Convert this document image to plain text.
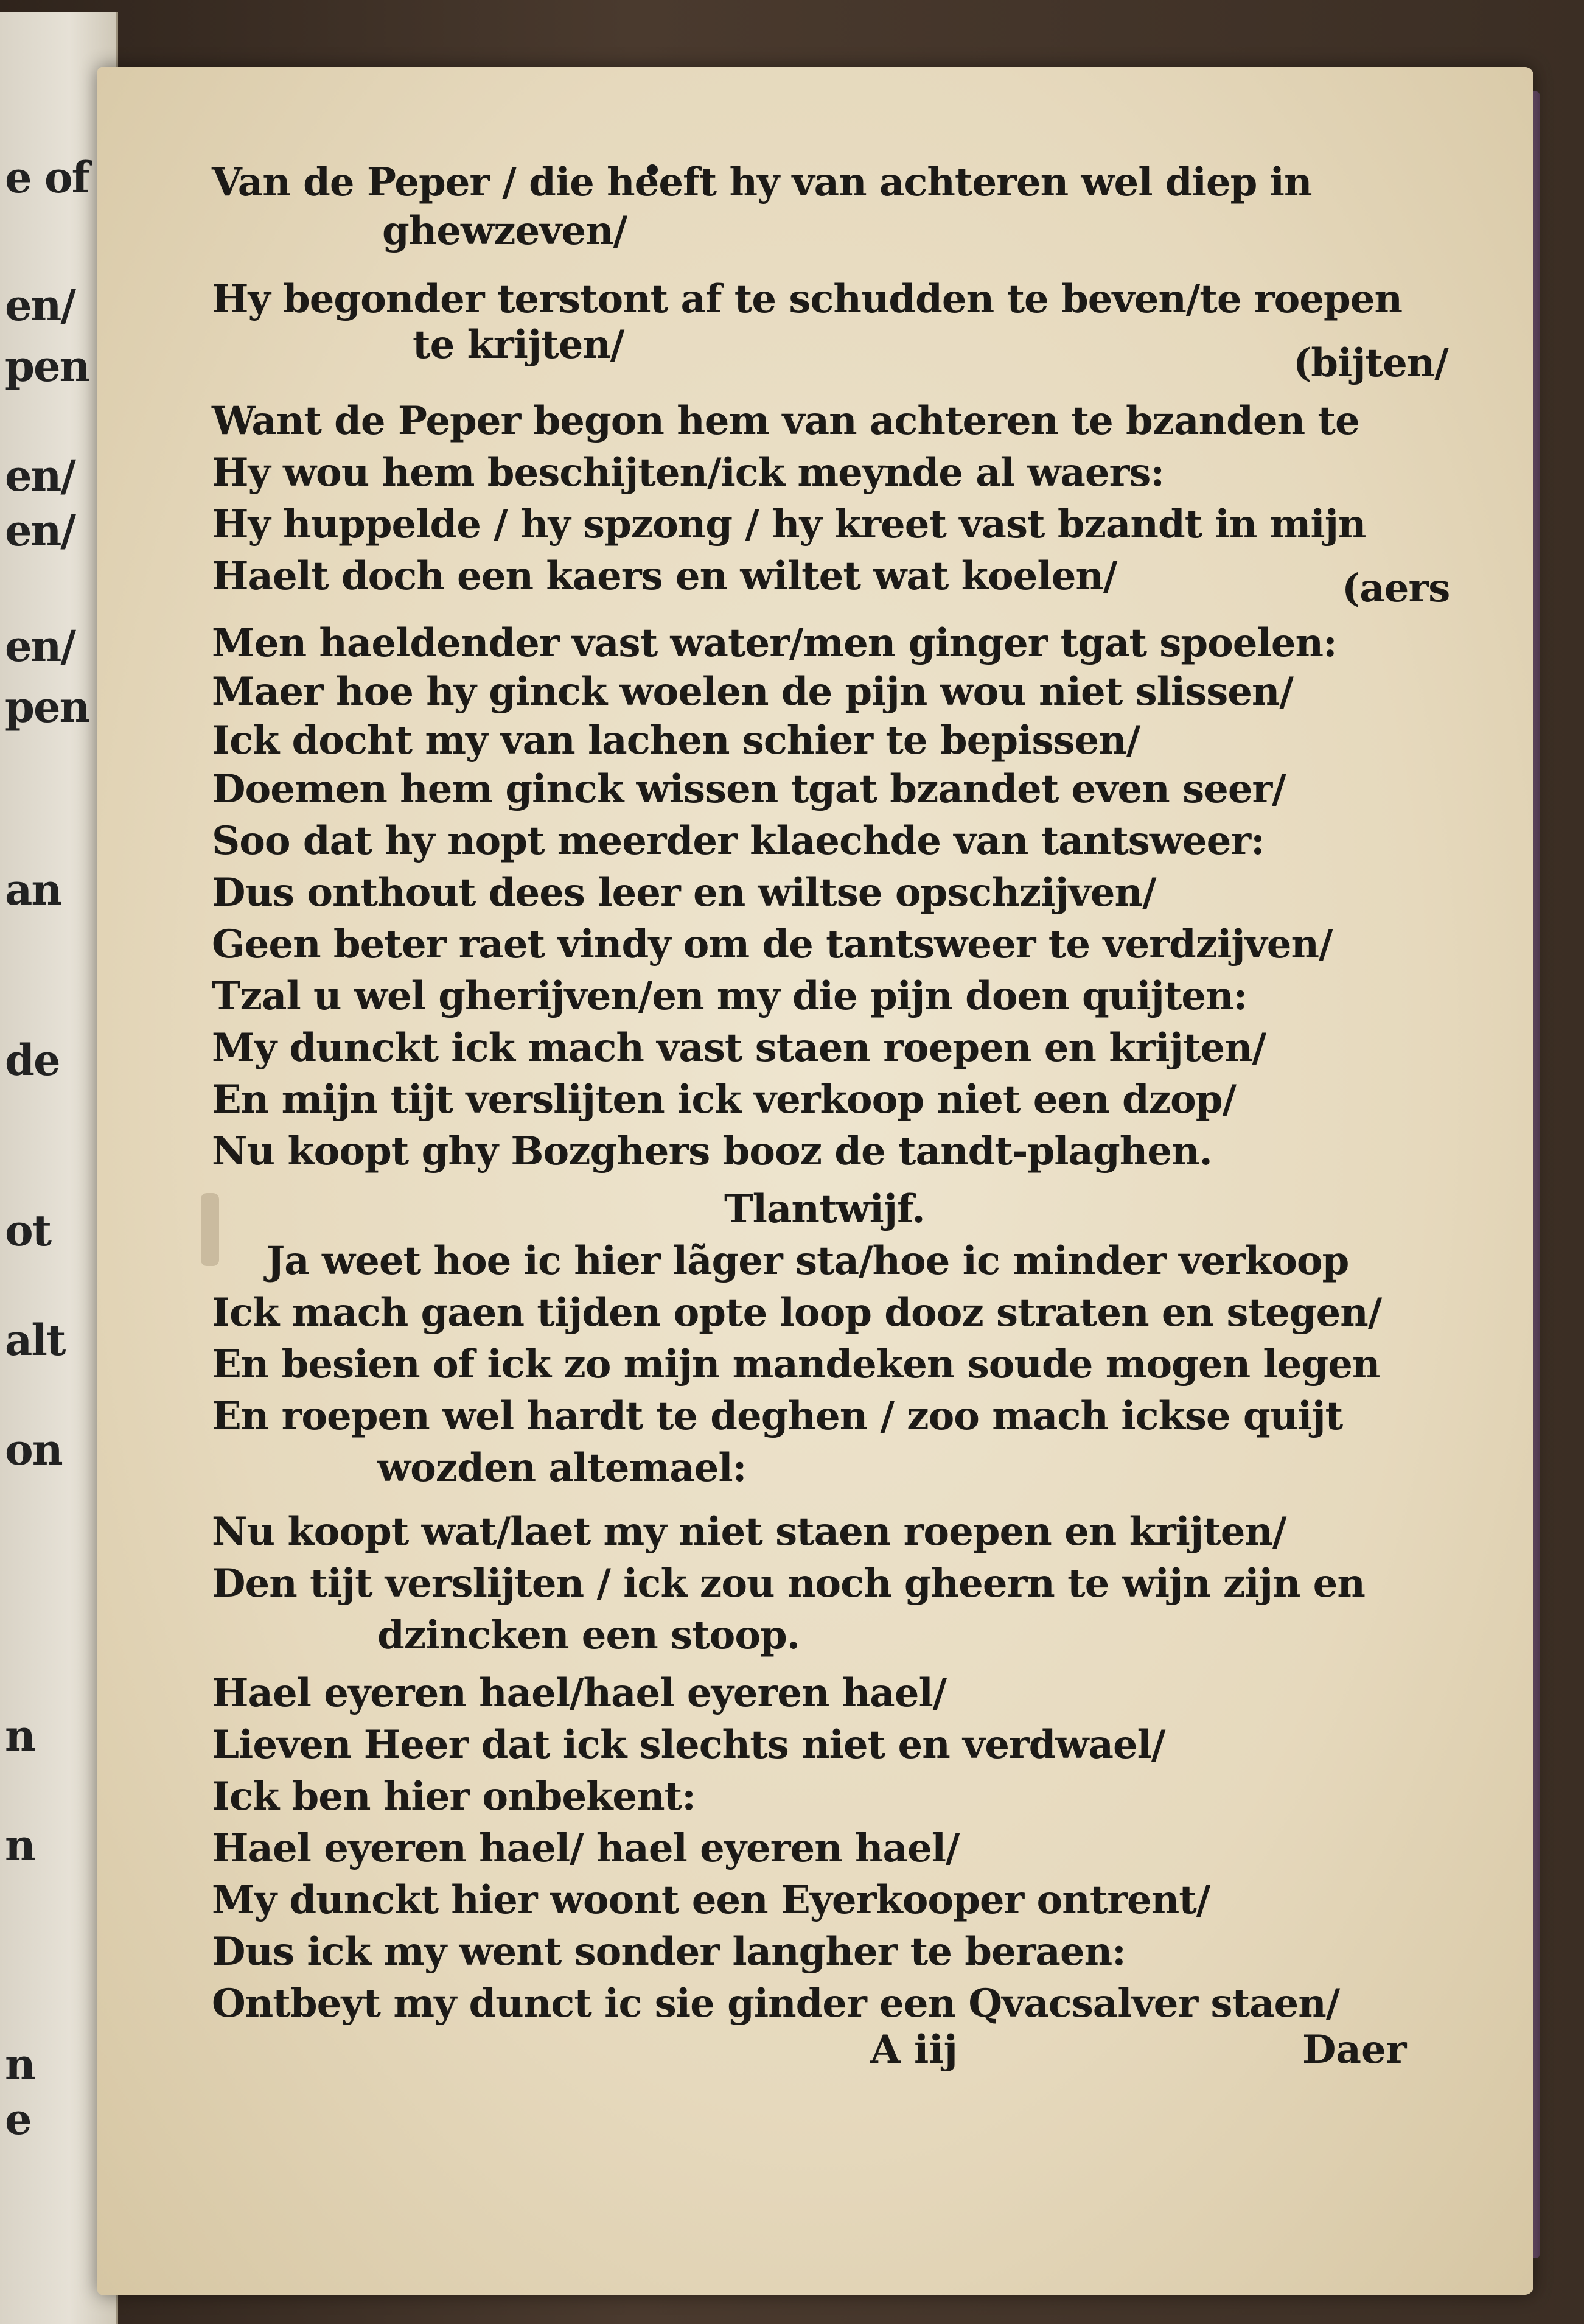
e of
en/
pen
en/
en/
en/
pen
an
de
ot
alt
on
n
n
n
e
Van de Peper / die heeft hy van achteren wel diep in
ghewzeven/
Hy begonder terstont af te schudden te beven/te roepen
te krijten/	(bijten/
Want de Peper begon hem van achteren te bzanden te
Hy wou hem beschijten/ick meynde al waers:
Hy huppelde / hy spzong / hy kreet vast bzandt in mijn
Haelt doch een kaers en wiltet wat koelen/	(aers
Men haeldender vast water/men ginger tgat spoelen:
Maer hoe hy ginck woelen de pijn wou niet slissen/
Ick docht my van lachen schier te bepissen/
Doemen hem ginck wissen tgat bzandet even seer/
Soo dat hy nopt meerder klaechde van tantsweer:
Dus onthout dees leer en wiltse opschzijven/
Geen beter raet vindy om de tantsweer te verdzijven/
Tzal u wel gherijven/en my die pijn doen quijten:
My dunckt ick mach vast staen roepen en krijten/
En mijn tijt verslijten ick verkoop niet een dzop/
Nu koopt ghy Bozghers booz de tandt-plaghen.
Tlantwijf.
Ja weet hoe ic hier lãger sta/hoe ic minder verkoop
Ick mach gaen tijden opte loop dooz straten en stegen/
En besien of ick zo mijn mandeken soude mogen legen
En roepen wel hardt te deghen / zoo mach ickse quijt
wozden altemael:
Nu koopt wat/laet my niet staen roepen en krijten/
Den tijt verslijten / ick zou noch gheern te wijn zijn en
dzincken een stoop.
Hael eyeren hael/hael eyeren hael/
Lieven Heer dat ick slechts niet en verdwael/
Ick ben hier onbekent:
Hael eyeren hael/ hael eyeren hael/
My dunckt hier woont een Eyerkooper ontrent/
Dus ick my went sonder langher te beraen:
Ontbeyt my dunct ic sie ginder een Qvacsalver staen/
A iij	Daer
